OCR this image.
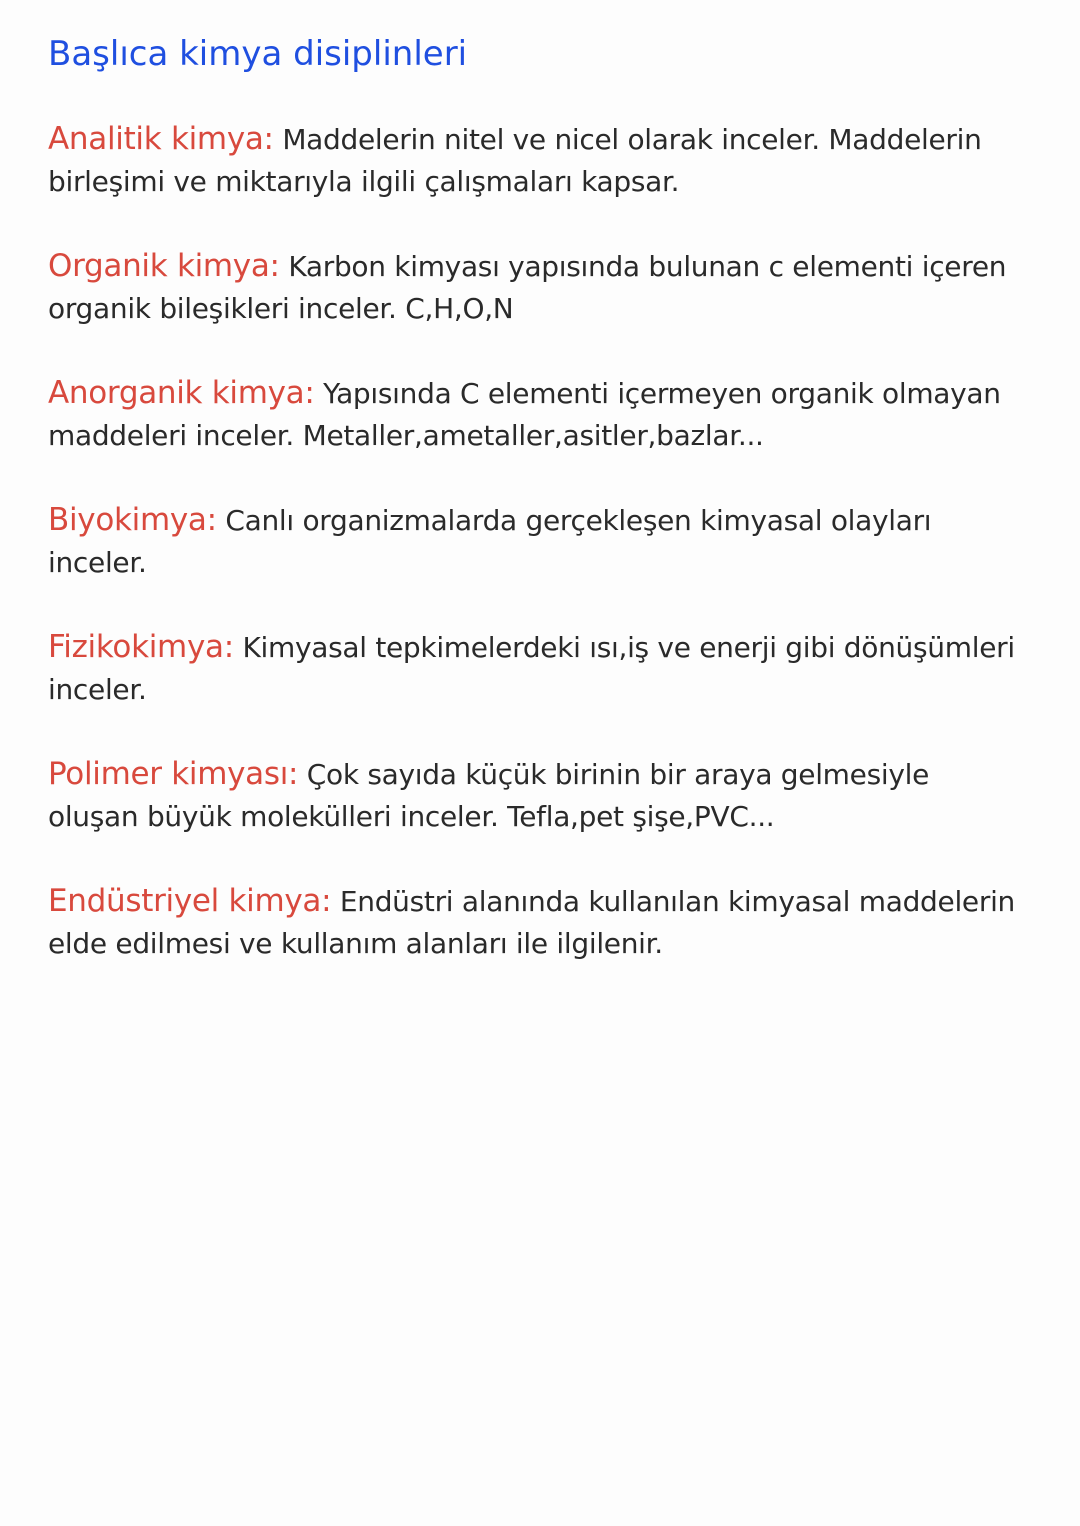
Başlıca kimya disiplinleri

Analitik kimya: Maddelerin nitel ve nicel olarak inceler. Maddelerin birleşimi ve miktarıyla ilgili çalışmaları kapsar.

Organik kimya: Karbon kimyası yapısında bulunan c elementi içeren organik bileşikleri inceler. C,H,O,N

Anorganik kimya: Yapısında C elementi içermeyen organik olmayan maddeleri inceler. Metaller,ametaller,asitler,bazlar...

Biyokimya: Canlı organizmalarda gerçekleşen kimyasal olayları inceler.

Fizikokimya: Kimyasal tepkimelerdeki ısı,iş ve enerji gibi dönüşümleri inceler.

Polimer kimyası: Çok sayıda küçük birinin bir araya gelmesiyle oluşan büyük molekülleri inceler. Tefla,pet şişe,PVC...

Endüstriyel kimya: Endüstri alanında kullanılan kimyasal maddelerin elde edilmesi ve kullanım alanları ile ilgilenir.
